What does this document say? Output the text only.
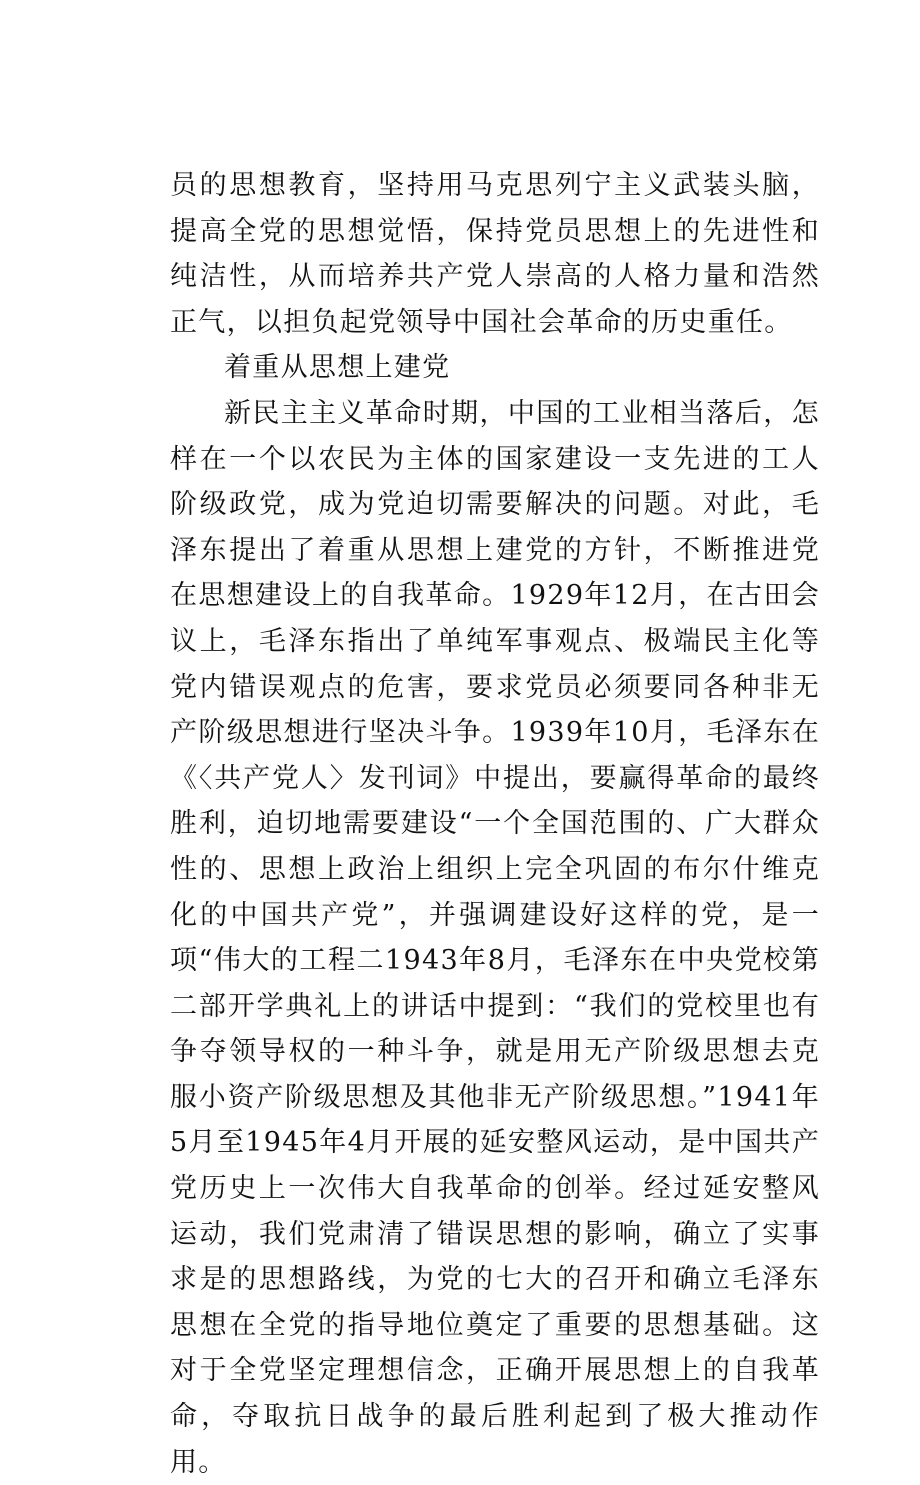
员的思想教育，坚持用马克思列宁主义武装头脑，提高全党的思想觉悟，保持党员思想上的先进性和纯洁性，从而培养共产党人崇高的人格力量和浩然正气，以担负起党领导中国社会革命的历史重任。

着重从思想上建党

新民主主义革命时期，中国的工业相当落后，怎样在一个以农民为主体的国家建设一支先进的工人阶级政党，成为党迫切需要解决的问题。对此，毛泽东提出了着重从思想上建党的方针，不断推进党在思想建设上的自我革命。1929年12月，在古田会议上，毛泽东指出了单纯军事观点、极端民主化等党内错误观点的危害，要求党员必须要同各种非无产阶级思想进行坚决斗争。1939年10月，毛泽东在《〈共产党人〉发刊词》中提出，要赢得革命的最终胜利，迫切地需要建设“一个全国范围的、广大群众性的、思想上政治上组织上完全巩固的布尔什维克化的中国共产党”，并强调建设好这样的党，是一项“伟大的工程二1943年8月，毛泽东在中央党校第二部开学典礼上的讲话中提到：“我们的党校里也有争夺领导权的一种斗争，就是用无产阶级思想去克服小资产阶级思想及其他非无产阶级思想。”1941年5月至1945年4月开展的延安整风运动，是中国共产党历史上一次伟大自我革命的创举。经过延安整风运动，我们党肃清了错误思想的影响，确立了实事求是的思想路线，为党的七大的召开和确立毛泽东思想在全党的指导地位奠定了重要的思想基础。这对于全党坚定理想信念，正确开展思想上的自我革命，夺取抗日战争的最后胜利起到了极大推动作用。
